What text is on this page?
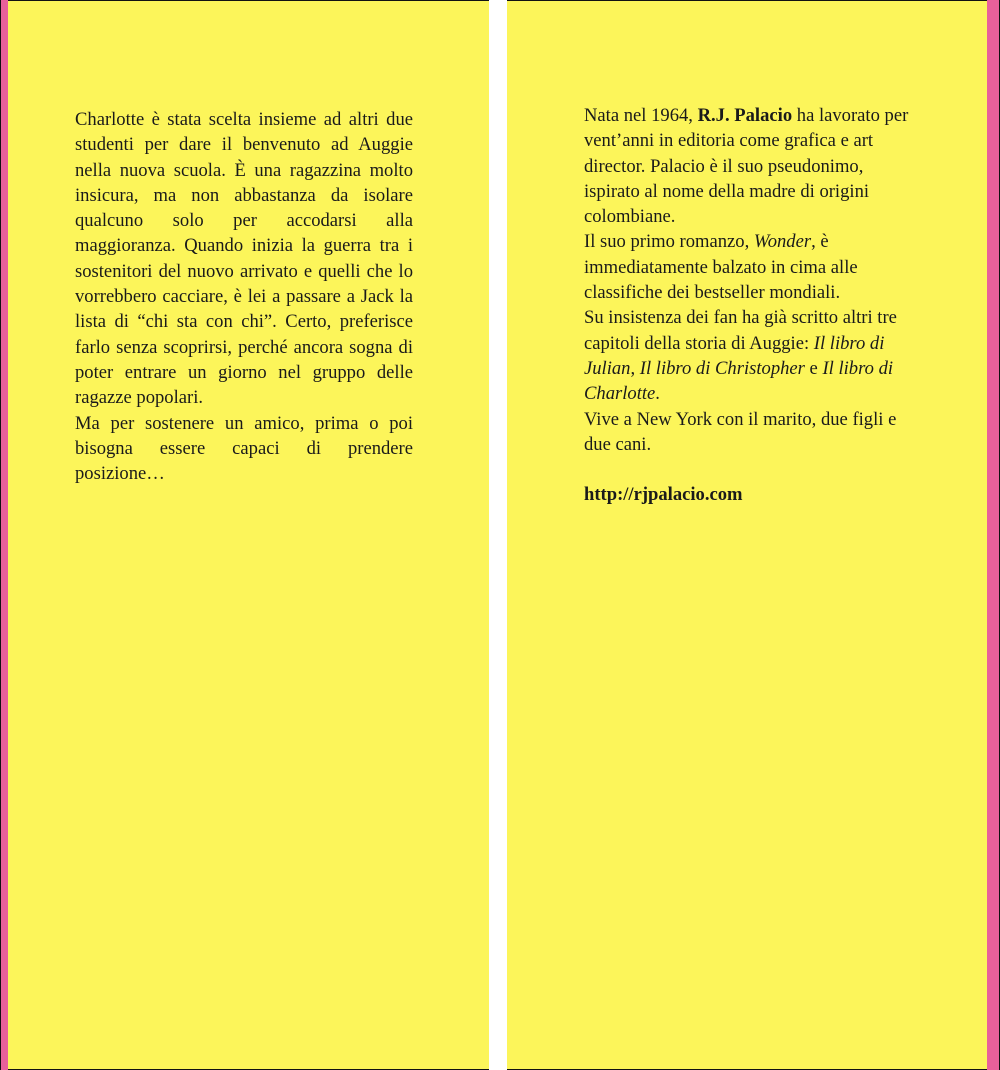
Charlotte è stata scelta insieme ad altri due studenti per dare il benvenuto ad Auggie nella nuova scuola. È una ragazzina molto insicura, ma non abbastanza da isolare qualcuno solo per accodarsi alla maggioranza. Quando inizia la guerra tra i sostenitori del nuovo arrivato e quelli che lo vorrebbero cacciare, è lei a passare a Jack la lista di “chi sta con chi”. Certo, preferisce farlo senza scoprirsi, perché ancora sogna di poter entrare un giorno nel gruppo delle ragazze popolari.

Ma per sostenere un amico, prima o poi bisogna essere capaci di prendere posizione…

Nata nel 1964, R.J. Palacio ha lavorato per vent’anni in editoria come grafica e art director. Palacio è il suo pseudonimo, ispirato al nome della madre di origini colombiane.

Il suo primo romanzo, Wonder, è immediatamente balzato in cima alle classifiche dei bestseller mondiali.

Su insistenza dei fan ha già scritto altri tre capitoli della storia di Auggie: Il libro di Julian, Il libro di Christopher e Il libro di Charlotte.

Vive a New York con il marito, due figli e due cani.

http://rjpalacio.com
